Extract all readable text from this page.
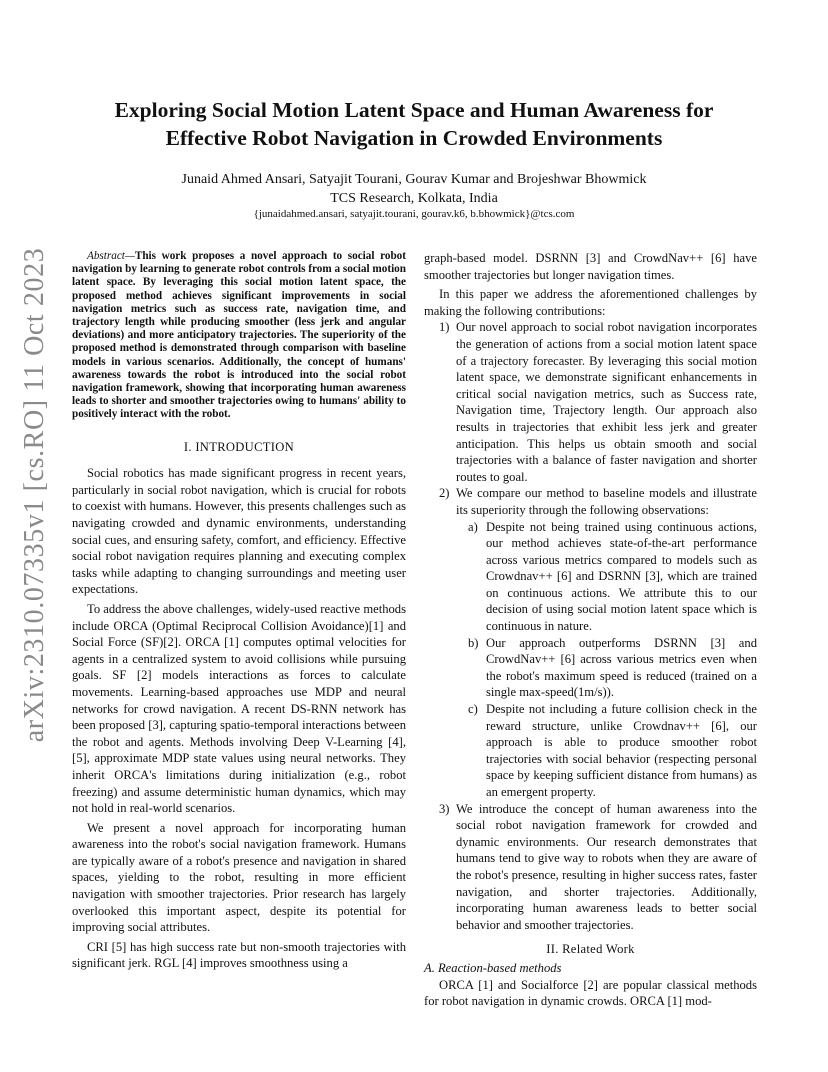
arXiv:2310.07335v1 [cs.RO] 11 Oct 2023
Exploring Social Motion Latent Space and Human Awareness for
Effective Robot Navigation in Crowded Environments
Junaid Ahmed Ansari, Satyajit Tourani, Gourav Kumar and Brojeshwar Bhowmick
TCS Research, Kolkata, India
{junaidahmed.ansari, satyajit.tourani, gourav.k6, b.bhowmick}@tcs.com

Abstract—This work proposes a novel approach to social robot navigation by learning to generate robot controls from a social motion latent space. By leveraging this social motion latent space, the proposed method achieves significant improvements in social navigation metrics such as success rate, navigation time, and trajectory length while producing smoother (less jerk and angular deviations) and more anticipatory trajectories. The superiority of the proposed method is demonstrated through comparison with baseline models in various scenarios. Additionally, the concept of humans' awareness towards the robot is introduced into the social robot navigation framework, showing that incorporating human awareness leads to shorter and smoother trajectories owing to humans' ability to positively interact with the robot.

I. INTRODUCTION

Social robotics has made significant progress in recent years, particularly in social robot navigation, which is crucial for robots to coexist with humans. However, this presents challenges such as navigating crowded and dynamic environments, understanding social cues, and ensuring safety, comfort, and efficiency. Effective social robot navigation requires planning and executing complex tasks while adapting to changing surroundings and meeting user expectations.

To address the above challenges, widely-used reactive methods include ORCA (Optimal Reciprocal Collision Avoidance)[1] and Social Force (SF)[2]. ORCA [1] computes optimal velocities for agents in a centralized system to avoid collisions while pursuing goals. SF [2] models interactions as forces to calculate movements. Learning-based approaches use MDP and neural networks for crowd navigation. A recent DS-RNN network has been proposed [3], capturing spatio-temporal interactions between the robot and agents. Methods involving Deep V-Learning [4], [5], approximate MDP state values using neural networks. They inherit ORCA's limitations during initialization (e.g., robot freezing) and assume deterministic human dynamics, which may not hold in real-world scenarios.

We present a novel approach for incorporating human awareness into the robot's social navigation framework. Humans are typically aware of a robot's presence and navigation in shared spaces, yielding to the robot, resulting in more efficient navigation with smoother trajectories. Prior research has largely overlooked this important aspect, despite its potential for improving social attributes.

CRI [5] has high success rate but non-smooth trajectories with significant jerk. RGL [4] improves smoothness using a

graph-based model. DSRNN [3] and CrowdNav++ [6] have smoother trajectories but longer navigation times.

In this paper we address the aforementioned challenges by making the following contributions:

1) Our novel approach to social robot navigation incorporates the generation of actions from a social motion latent space of a trajectory forecaster. By leveraging this social motion latent space, we demonstrate significant enhancements in critical social navigation metrics, such as Success rate, Navigation time, Trajectory length. Our approach also results in trajectories that exhibit less jerk and greater anticipation. This helps us obtain smooth and social trajectories with a balance of faster navigation and shorter routes to goal.
2) We compare our method to baseline models and illustrate its superiority through the following observations:
a) Despite not being trained using continuous actions, our method achieves state-of-the-art performance across various metrics compared to models such as Crowdnav++ [6] and DSRNN [3], which are trained on continuous actions. We attribute this to our decision of using social motion latent space which is continuous in nature.
b) Our approach outperforms DSRNN [3] and CrowdNav++ [6] across various metrics even when the robot's maximum speed is reduced (trained on a single max-speed(1m/s)).
c) Despite not including a future collision check in the reward structure, unlike Crowdnav++ [6], our approach is able to produce smoother robot trajectories with social behavior (respecting personal space by keeping sufficient distance from humans) as an emergent property.
3) We introduce the concept of human awareness into the social robot navigation framework for crowded and dynamic environments. Our research demonstrates that humans tend to give way to robots when they are aware of the robot's presence, resulting in higher success rates, faster navigation, and shorter trajectories. Additionally, incorporating human awareness leads to better social behavior and smoother trajectories.
II. Related Work

A. Reaction-based methods

ORCA [1] and Socialforce [2] are popular classical methods for robot navigation in dynamic crowds. ORCA [1] mod-
